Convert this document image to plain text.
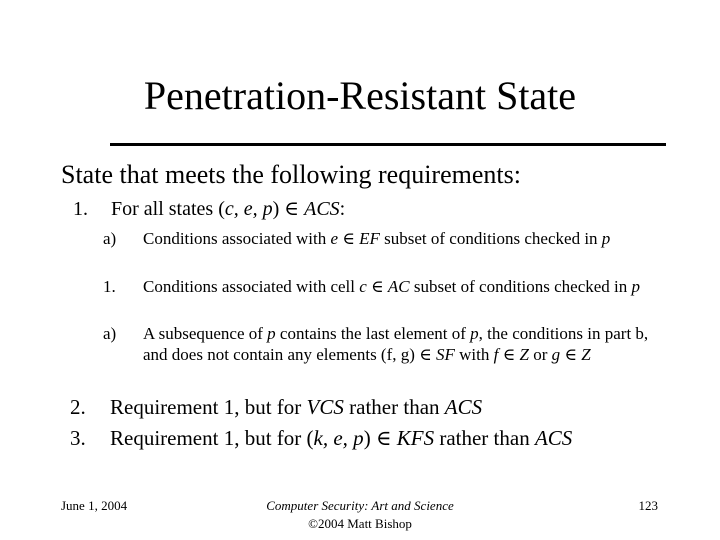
Penetration-Resistant State
State that meets the following requirements:
1. For all states (c, e, p) ∈ ACS:
a)	Conditions associated with e ∈ EF subset of conditions checked in p
1.	Conditions associated with cell c ∈ AC subset of conditions checked in p
a)	A subsequence of p contains the last element of p, the conditions in part b, and does not contain any elements (f, g) ∈ SF with f ∈ Z or g ∈ Z
2. Requirement 1, but for VCS rather than ACS
3. Requirement 1, but for (k, e, p) ∈ KFS rather than ACS
June 1, 2004	Computer Security: Art and Science
©2004 Matt Bishop
123
